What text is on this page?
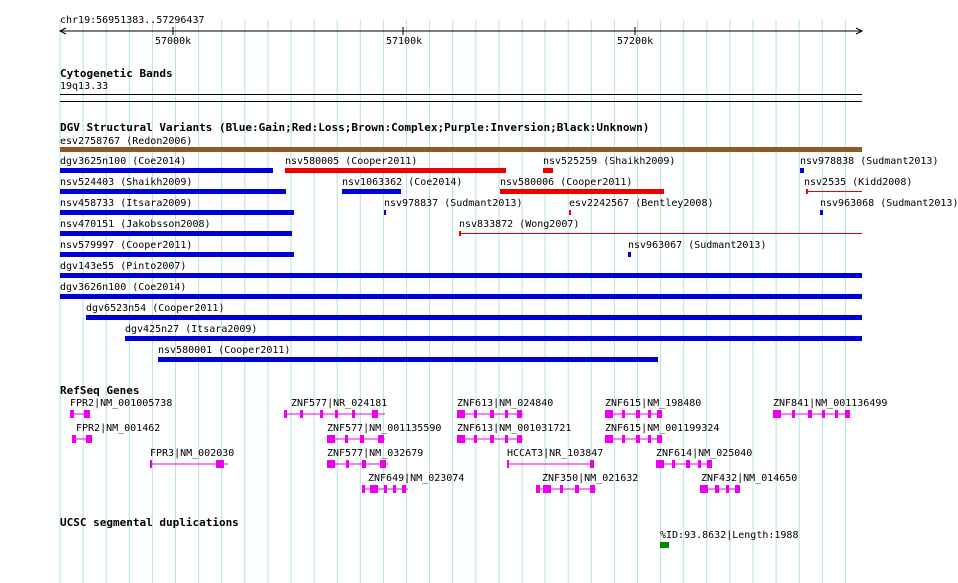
chr19:56951383..57296437
57000k	57100k	57200k
Cytogenetic Bands
19q13.33
DGV Structural Variants (Blue:Gain;Red:Loss;Brown:Complex;Purple:Inversion;Black:Unknown)
esv2758767 (Redon2006)
dgv3625n100 (Coe2014)	nsv580005 (Cooper2011)	nsv525259 (Shaikh2009)	nsv978838 (Sudmant2013)
nsv524403 (Shaikh2009)	nsv1063362 (Coe2014)	nsv580006 (Cooper2011)	nsv2535 (Kidd2008)
nsv458733 (Itsara2009)	nsv978837 (Sudmant2013)	esv2242567 (Bentley2008)	nsv963068 (Sudmant2013)
nsv470151 (Jakobsson2008)	nsv833872 (Wong2007)
nsv579997 (Cooper2011)	nsv963067 (Sudmant2013)
dgv143e55 (Pinto2007)
dgv3626n100 (Coe2014)
dgv6523n54 (Cooper2011)
dgv425n27 (Itsara2009)
nsv580001 (Cooper2011)
RefSeq Genes
FPR2|NM_001005738
FPR2|NM_001462
FPR3|NM_002030
ZNF577|NR_024181
ZNF577|NM_001135590
ZNF577|NM_032679
ZNF649|NM_023074
ZNF613|NM_024840
ZNF613|NM_001031721
HCCAT3|NR_103847
ZNF350|NM_021632
ZNF615|NM_198480
ZNF615|NM_001199324
ZNF614|NM_025040
ZNF432|NM_014650
ZNF841|NM_001136499
UCSC segmental duplications
%ID:93.8632|Length:1988
